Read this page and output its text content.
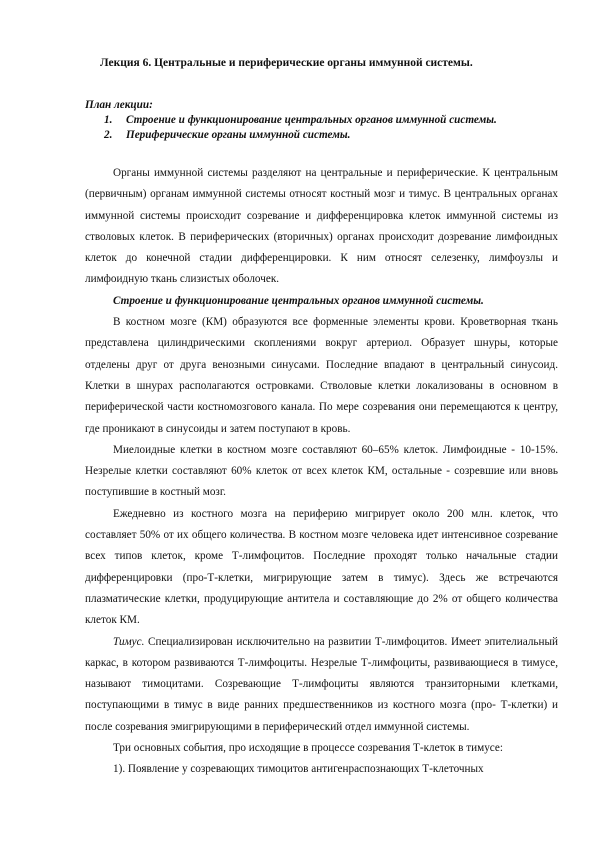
Лекция 6. Центральные и периферические органы иммунной системы.
План лекции:
1. Строение и функционирование центральных органов иммунной системы.
2. Периферические органы иммунной системы.

Органы иммунной системы разделяют на центральные и периферические. К центральным (первичным) органам иммунной системы относят костный мозг и тимус. В центральных органах иммунной системы происходит созревание и дифференцировка клеток иммунной системы из стволовых клеток. В периферических (вторичных) органах происходит дозревание лимфоидных клеток до конечной стадии дифференцировки. К ним относят селезенку, лимфоузлы и лимфоидную ткань слизистых оболочек.

Строение и функционирование центральных органов иммунной системы.

В костном мозге (КМ) образуются все форменные элементы крови. Кроветворная ткань представлена цилиндрическими скоплениями вокруг артериол. Образует шнуры, которые отделены друг от друга венозными синусами. Последние впадают в центральный синусоид. Клетки в шнурах располагаются островками. Стволовые клетки локализованы в основном в периферической части костномозгового канала. По мере созревания они перемещаются к центру, где проникают в синусоиды и затем поступают в кровь.

Миелоидные клетки в костном мозге составляют 60–65% клеток. Лимфоидные - 10-15%. Незрелые клетки составляют 60% клеток от всех клеток КМ, остальные - созревшие или вновь поступившие в костный мозг.

Ежедневно из костного мозга на периферию мигрирует около 200 млн. клеток, что составляет 50% от их общего количества. В костном мозге человека идет интенсивное созревание всех типов клеток, кроме Т-лимфоцитов. Последние проходят только начальные стадии дифференцировки (про-Т-клетки, мигрирующие затем в тимус). Здесь же встречаются плазматические клетки, продуцирующие антитела и составляющие до 2% от общего количества клеток КМ.

Тимус. Специализирован исключительно на развитии Т-лимфоцитов. Имеет эпителиальный каркас, в котором развиваются Т-лимфоциты. Незрелые Т-лимфоциты, развивающиеся в тимусе, называют тимоцитами. Созревающие Т-лимфоциты являются транзиторными клетками, поступающими в тимус в виде ранних предшественников из костного мозга (про- Т-клетки) и после созревания эмигрирующими в периферический отдел иммунной системы.

Три основных события, про исходящие в процессе созревания Т-клеток в тимусе:

1). Появление у созревающих тимоцитов антигенраспознающих Т-клеточных
